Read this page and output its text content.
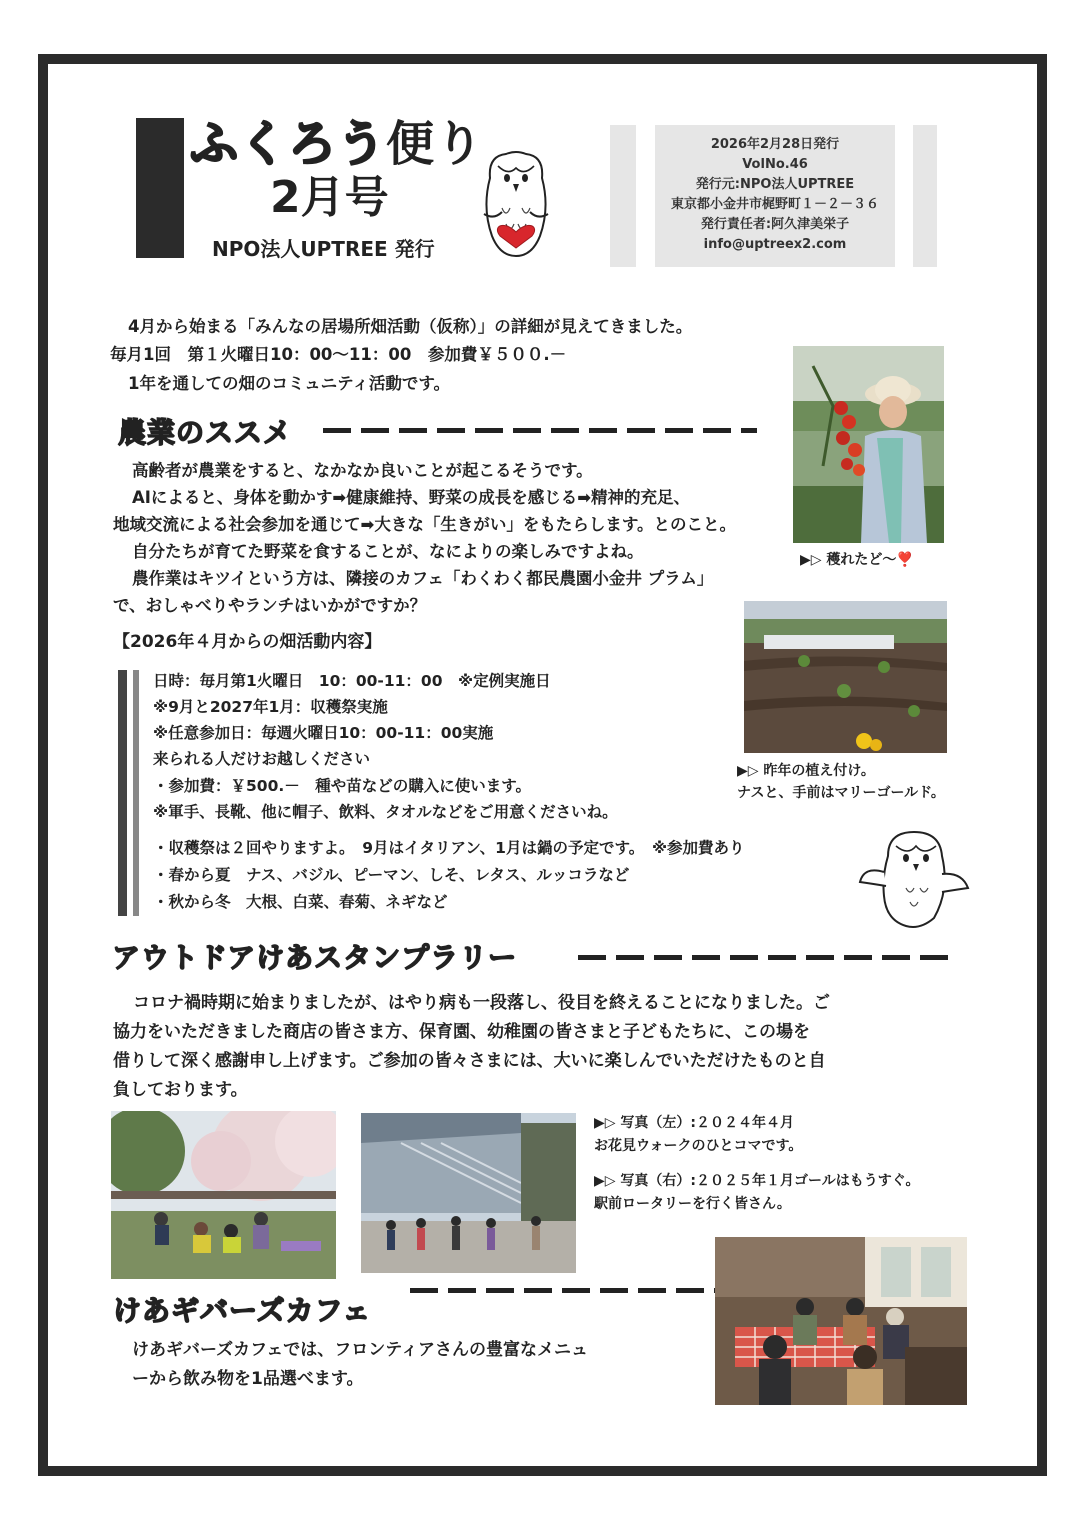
ふくろう便り
2月号
NPO法人UPTREE 発行
2026年2月28日発行
VolNo.46
発行元:NPO法人UPTREE
東京都小金井市梶野町１－２－３６
発行責任者:阿久津美栄子
info@uptreex2.com
4月から始まる「みんなの居場所畑活動（仮称）」の詳細が見えてきました。
毎月1回　第１火曜日10：00〜11：00　参加費￥５００.－
1年を通しての畑のコミュニティ活動です。
▶▷ 穫れたど〜❣️
農業のススメ
高齢者が農業をすると、なかなか良いことが起こるそうです。
AIによると、身体を動かす➡健康維持、野菜の成長を感じる➡精神的充足、
地域交流による社会参加を通じて➡大きな「生きがい」をもたらします。とのこと。
自分たちが育てた野菜を食することが、なによりの楽しみですよね。
農作業はキツイという方は、隣接のカフェ「わくわく都民農園小金井 プラム」
で、おしゃべりやランチはいかがですか？
▶▷ 昨年の植え付け。
ナスと、手前はマリーゴールド。
【2026年４月からの畑活動内容】
日時：毎月第1火曜日　10：00-11：00　※定例実施日
※9月と2027年1月：収穫祭実施
※任意参加日：毎週火曜日10：00-11：00実施
来られる人だけお越しください
・参加費：￥500.－　種や苗などの購入に使います。
※軍手、長靴、他に帽子、飲料、タオルなどをご用意くださいね。
・収穫祭は２回やりますよ。　9月はイタリアン、1月は鍋の予定です。　※参加費あり
・春から夏　ナス、バジル、ピーマン、しそ、レタス、ルッコラなど
・秋から冬　大根、白菜、春菊、ネギなど
アウトドアけあスタンプラリー
コロナ禍時期に始まりましたが、はやり病も一段落し、役目を終えることになりました。ご
協力をいただきました商店の皆さま方、保育園、幼稚園の皆さまと子どもたちに、この場を
借りして深く感謝申し上げます。ご参加の皆々さまには、大いに楽しんでいただけたものと自
負しております。
▶▷ 写真（左）:２０２４年４月
お花見ウォークのひとコマです。
▶▷ 写真（右）:２０２５年１月ゴールはもうすぐ。
駅前ロータリーを行く皆さん。
けあギバーズカフェ
けあギバーズカフェでは、フロンティアさんの豊富なメニュ
ーから飲み物を1品選べます。
